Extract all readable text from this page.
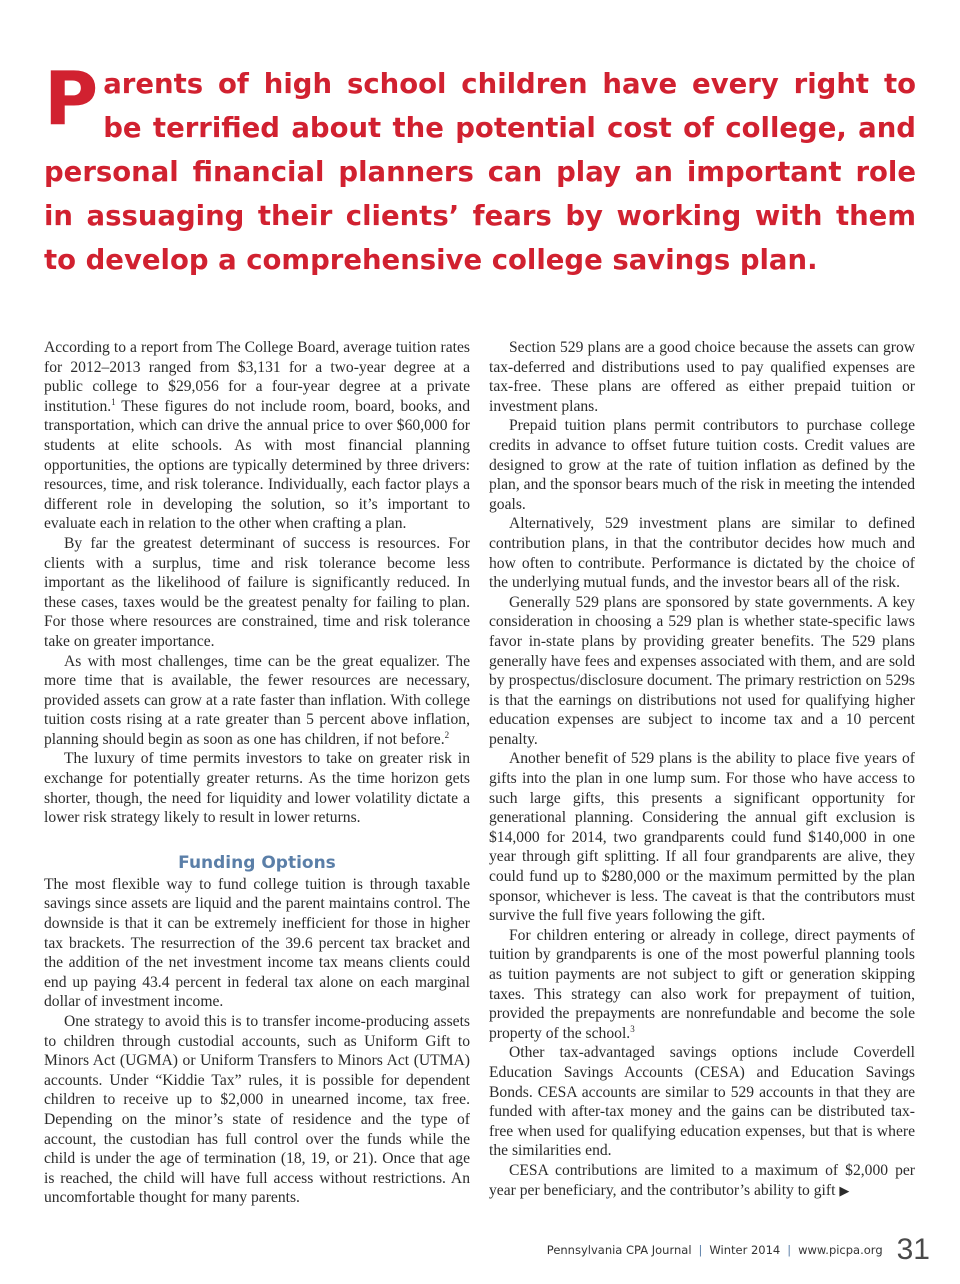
Parents of high school children have every right to be terrified about the potential cost of college, and personal financial planners can play an important role in assuaging their clients’ fears by working with them to develop a comprehensive college savings plan.

According to a report from The College Board, average tuition rates for 2012–2013 ranged from $3,131 for a two-year degree at a public college to $29,056 for a four-year degree at a private institution.$^1$ These figures do not include room, board, books, and transportation, which can drive the annual price to over $60,000 for students at elite schools. As with most financial planning opportunities, the options are typically determined by three drivers: resources, time, and risk tolerance. Individually, each factor plays a different role in developing the solution, so it’s important to evaluate each in relation to the other when crafting a plan.

By far the greatest determinant of success is resources. For clients with a surplus, time and risk tolerance become less important as the likelihood of failure is significantly reduced. In these cases, taxes would be the greatest penalty for failing to plan. For those where resources are constrained, time and risk tolerance take on greater importance.

As with most challenges, time can be the great equalizer. The more time that is available, the fewer resources are necessary, provided assets can grow at a rate faster than inflation. With college tuition costs rising at a rate greater than 5 percent above inflation, planning should begin as soon as one has children, if not before.$^2$

The luxury of time permits investors to take on greater risk in exchange for potentially greater returns. As the time horizon gets shorter, though, the need for liquidity and lower volatility dictate a lower risk strategy likely to result in lower returns.

Funding Options

The most flexible way to fund college tuition is through taxable savings since assets are liquid and the parent maintains control. The downside is that it can be extremely inefficient for those in higher tax brackets. The resurrection of the 39.6 percent tax bracket and the addition of the net investment income tax means clients could end up paying 43.4 percent in federal tax alone on each marginal dollar of investment income.

One strategy to avoid this is to transfer income-producing assets to children through custodial accounts, such as Uniform Gift to Minors Act (UGMA) or Uniform Transfers to Minors Act (UTMA) accounts. Under “Kiddie Tax” rules, it is possible for dependent children to receive up to $2,000 in unearned income, tax free. Depending on the minor’s state of residence and the type of account, the custodian has full control over the funds while the child is under the age of termination (18, 19, or 21). Once that age is reached, the child will have full access without restrictions. An uncomfortable thought for many parents.

Section 529 plans are a good choice because the assets can grow tax-deferred and distributions used to pay qualified expenses are tax-free. These plans are offered as either prepaid tuition or investment plans.

Prepaid tuition plans permit contributors to purchase college credits in advance to offset future tuition costs. Credit values are designed to grow at the rate of tuition inflation as defined by the plan, and the sponsor bears much of the risk in meeting the intended goals.

Alternatively, 529 investment plans are similar to defined contribution plans, in that the contributor decides how much and how often to contribute. Performance is dictated by the choice of the underlying mutual funds, and the investor bears all of the risk.

Generally 529 plans are sponsored by state governments. A key consideration in choosing a 529 plan is whether state-specific laws favor in-state plans by providing greater benefits. The 529 plans generally have fees and expenses associated with them, and are sold by prospectus/disclosure document. The primary restriction on 529s is that the earnings on distributions not used for qualifying higher education expenses are subject to income tax and a 10 percent penalty.

Another benefit of 529 plans is the ability to place five years of gifts into the plan in one lump sum. For those who have access to such large gifts, this presents a significant opportunity for generational planning. Considering the annual gift exclusion is $14,000 for 2014, two grandparents could fund $140,000 in one year through gift splitting. If all four grandparents are alive, they could fund up to $280,000 or the maximum permitted by the plan sponsor, whichever is less. The caveat is that the contributors must survive the full five years following the gift.

For children entering or already in college, direct payments of tuition by grandparents is one of the most powerful planning tools as tuition payments are not subject to gift or generation skipping taxes. This strategy can also work for prepayment of tuition, provided the prepayments are nonrefundable and become the sole property of the school.$^3$

Other tax-advantaged savings options include Coverdell Education Savings Accounts (CESA) and Education Savings Bonds. CESA accounts are similar to 529 accounts in that they are funded with after-tax money and the gains can be distributed tax-free when used for qualifying education expenses, but that is where the similarities end.

CESA contributions are limited to a maximum of $2,000 per year per beneficiary, and the contributor’s ability to gift ▶

Pennsylvania CPA Journal | Winter 2014 | www.picpa.org 31
